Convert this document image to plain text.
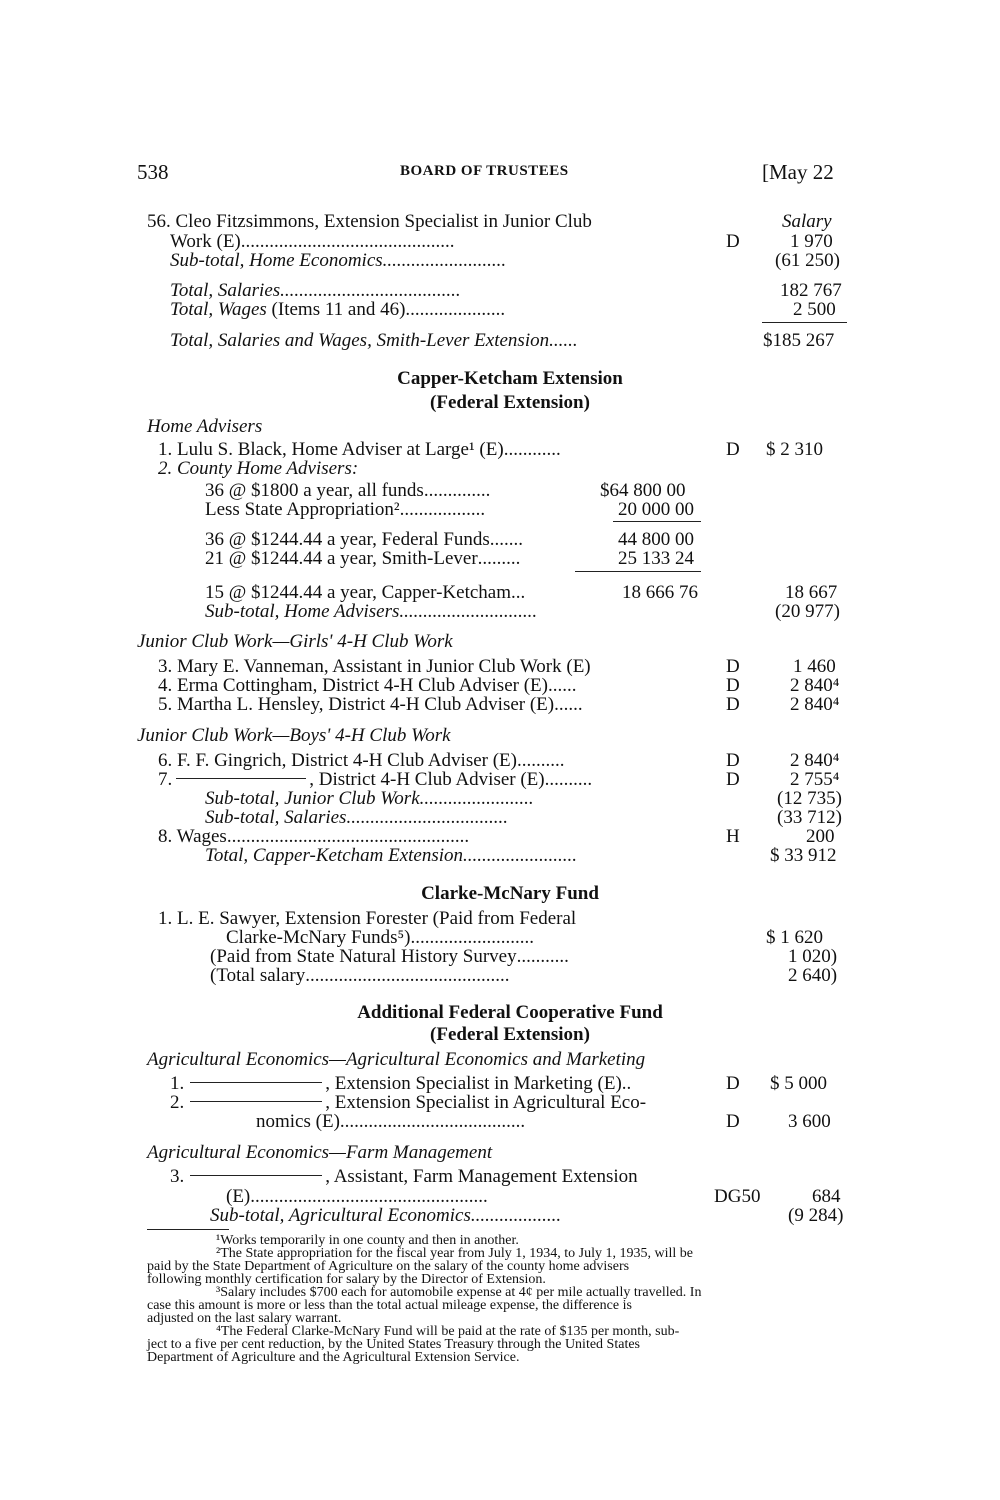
538	BOARD OF TRUSTEES	[May 22
Salary
56. Cleo Fitzsimmons, Extension Specialist in Junior Club
Work (E).............................................	D	1 970
Sub-total, Home Economics..........................	(61 250)
Total, Salaries......................................	182 767
Total, Wages (Items 11 and 46).....................	2 500
Total, Salaries and Wages, Smith-Lever Extension......	$185 267
Capper-Ketcham Extension
(Federal Extension)
Home Advisers
1. Lulu S. Black, Home Adviser at Large¹ (E)............	D $ 2 310
2. County Home Advisers:
36 @ $1800 a year, all funds..............	$64 800 00
Less State Appropriation²..................	20 000 00
36 @ $1244.44 a year, Federal Funds.......	44 800 00
21 @ $1244.44 a year, Smith-Lever.........	25 133 24
15 @ $1244.44 a year, Capper-Ketcham...	18 666 76	18 667
Sub-total, Home Advisers.............................	(20 977)
Junior Club Work—Girls' 4-H Club Work
3. Mary E. Vanneman, Assistant in Junior Club Work (E)	D	1 460
4. Erma Cottingham, District 4-H Club Adviser (E)......	D	2 840⁴
5. Martha L. Hensley, District 4-H Club Adviser (E)......	D	2 840⁴
Junior Club Work—Boys' 4-H Club Work
6. F. F. Gingrich, District 4-H Club Adviser (E)..........	D	2 840⁴
7.	, District 4-H Club Adviser (E)..........	D	2 755⁴
Sub-total, Junior Club Work........................	(12 735)
Sub-total, Salaries..................................	(33 712)
8. Wages...................................................	H	200
Total, Capper-Ketcham Extension........................	$ 33 912
Clarke-McNary Fund
1. L. E. Sawyer, Extension Forester (Paid from Federal
Clarke-McNary Funds⁵)..........................	$ 1 620
(Paid from State Natural History Survey...........	1 020)
(Total salary...........................................	2 640)
Additional Federal Cooperative Fund
(Federal Extension)
Agricultural Economics—Agricultural Economics and Marketing
1.	, Extension Specialist in Marketing (E)..	D $ 5 000
2.	, Extension Specialist in Agricultural Eco-
nomics (E).......................................	D	3 600
Agricultural Economics—Farm Management
3.	, Assistant, Farm Management Extension
(E)..................................................	DG50	684
Sub-total, Agricultural Economics...................	(9 284)
¹Works temporarily in one county and then in another.
²The State appropriation for the fiscal year from July 1, 1934, to July 1, 1935, will be
paid by the State Department of Agriculture on the salary of the county home advisers
following monthly certification for salary by the Director of Extension.
³Salary includes $700 each for automobile expense at 4¢ per mile actually travelled. In
case this amount is more or less than the total actual mileage expense, the difference is
adjusted on the last salary warrant.
⁴The Federal Clarke-McNary Fund will be paid at the rate of $135 per month, sub-
ject to a five per cent reduction, by the United States Treasury through the United States
Department of Agriculture and the Agricultural Extension Service.
